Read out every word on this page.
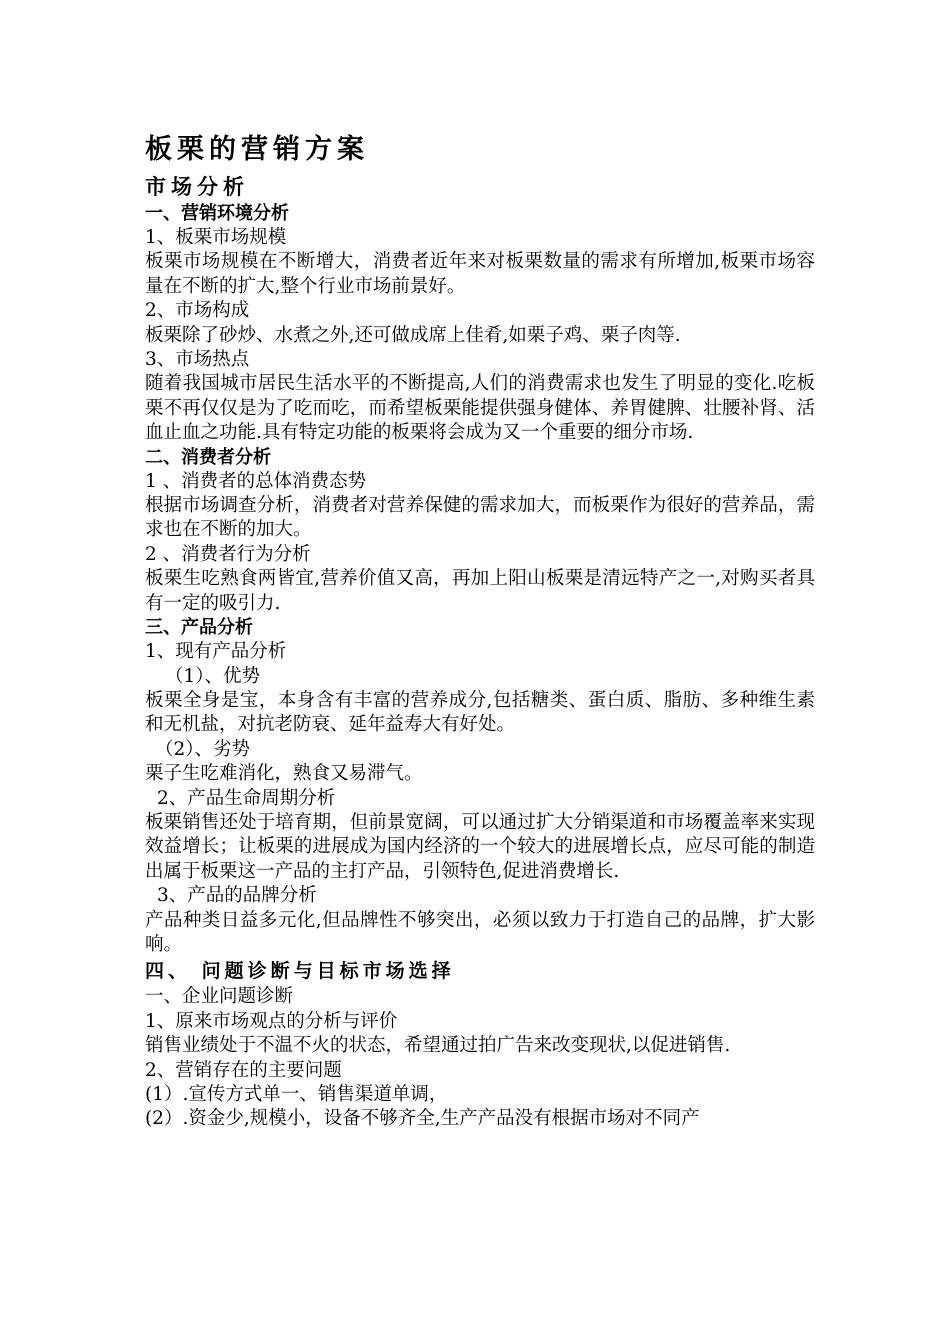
板栗的营销方案
市场分析
一、营销环境分析

1、板栗市场规模

板栗市场规模在不断增大，消费者近年来对板栗数量的需求有所增加,板栗市场容量在不断的扩大,整个行业市场前景好。

2、市场构成

板栗除了砂炒、水煮之外,还可做成席上佳肴,如栗子鸡、栗子肉等.

3、市场热点

随着我国城市居民生活水平的不断提高,人们的消费需求也发生了明显的变化.吃板栗不再仅仅是为了吃而吃，而希望板栗能提供强身健体、养胃健脾、壮腰补肾、活血止血之功能.具有特定功能的板栗将会成为又一个重要的细分市场.

二、消费者分析

1 、消费者的总体消费态势

根据市场调查分析，消费者对营养保健的需求加大，而板栗作为很好的营养品，需求也在不断的加大。

2 、消费者行为分析

板栗生吃熟食两皆宜,营养价值又高，再加上阳山板栗是清远特产之一,对购买者具有一定的吸引力.

三、产品分析

1、现有产品分析

（1）、优势

板栗全身是宝，本身含有丰富的营养成分,包括糖类、蛋白质、脂肪、多种维生素和无机盐，对抗老防衰、延年益寿大有好处。

（2）、劣势

栗子生吃难消化，熟食又易滞气。

2、产品生命周期分析

板栗销售还处于培育期，但前景宽阔，可以通过扩大分销渠道和市场覆盖率来实现效益增长；让板栗的进展成为国内经济的一个较大的进展增长点，应尽可能的制造出属于板栗这一产品的主打产品，引领特色,促进消费增长.

3、产品的品牌分析

产品种类日益多元化,但品牌性不够突出，必须以致力于打造自己的品牌，扩大影响。

四、 问题诊断与目标市场选择

一、企业问题诊断

1、原来市场观点的分析与评价

销售业绩处于不温不火的状态，希望通过拍广告来改变现状,以促进销售.

2、营销存在的主要问题

(1）.宣传方式单一、销售渠道单调，

(2）.资金少,规模小，设备不够齐全,生产产品没有根据市场对不同产
